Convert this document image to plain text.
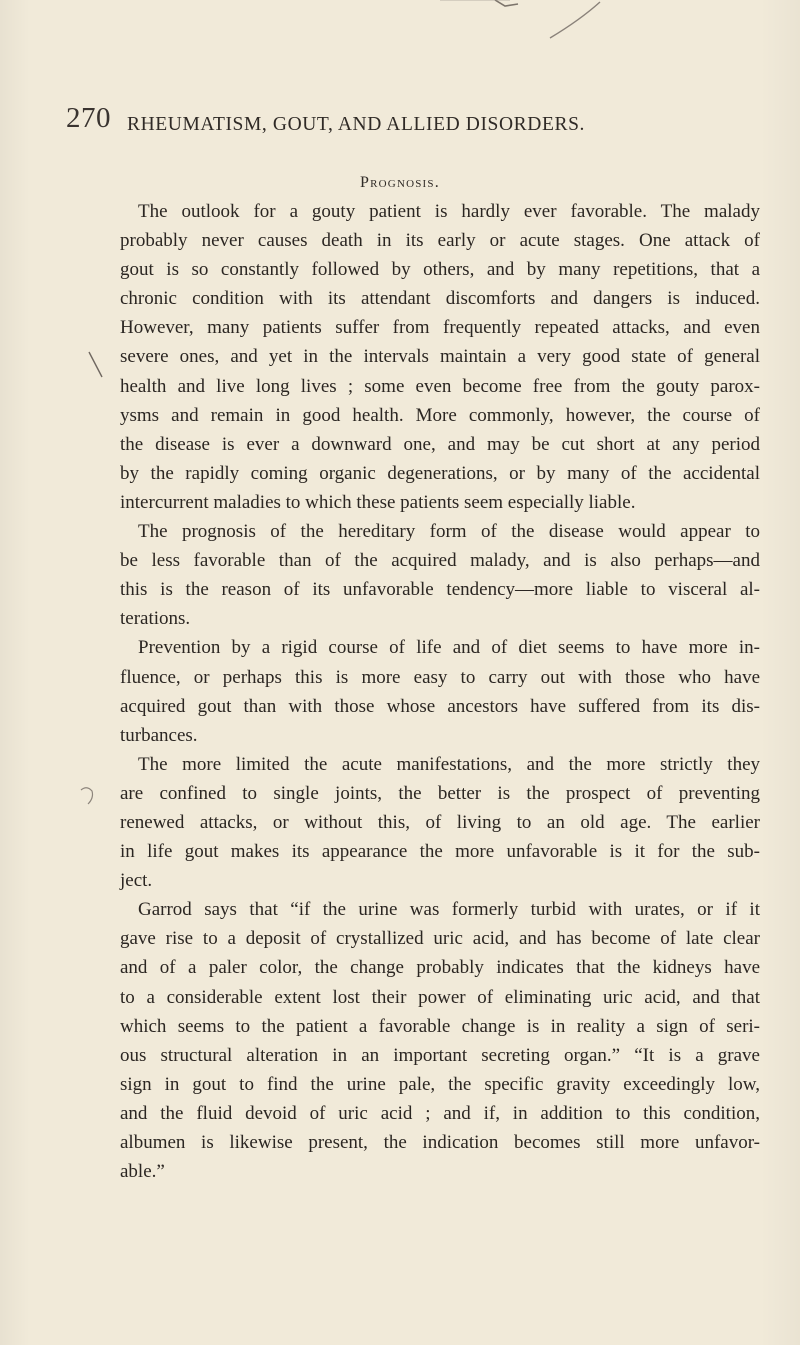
270 RHEUMATISM, GOUT, AND ALLIED DISORDERS.
Prognosis.
The outlook for a gouty patient is hardly ever favorable. The malady
probably never causes death in its early or acute stages. One attack of
gout is so constantly followed by others, and by many repetitions, that a
chronic condition with its attendant discomforts and dangers is induced.
However, many patients suffer from frequently repeated attacks, and even
severe ones, and yet in the intervals maintain a very good state of general
health and live long lives ; some even become free from the gouty parox-
ysms and remain in good health. More commonly, however, the course of
the disease is ever a downward one, and may be cut short at any period
by the rapidly coming organic degenerations, or by many of the accidental
intercurrent maladies to which these patients seem especially liable.
The prognosis of the hereditary form of the disease would appear to
be less favorable than of the acquired malady, and is also perhaps—and
this is the reason of its unfavorable tendency—more liable to visceral al-
terations.
Prevention by a rigid course of life and of diet seems to have more in-
fluence, or perhaps this is more easy to carry out with those who have
acquired gout than with those whose ancestors have suffered from its dis-
turbances.
The more limited the acute manifestations, and the more strictly they
are confined to single joints, the better is the prospect of preventing
renewed attacks, or without this, of living to an old age. The earlier
in life gout makes its appearance the more unfavorable is it for the sub-
ject.
Garrod says that “if the urine was formerly turbid with urates, or if it
gave rise to a deposit of crystallized uric acid, and has become of late clear
and of a paler color, the change probably indicates that the kidneys have
to a considerable extent lost their power of eliminating uric acid, and that
which seems to the patient a favorable change is in reality a sign of seri-
ous structural alteration in an important secreting organ.” “It is a grave
sign in gout to find the urine pale, the specific gravity exceedingly low,
and the fluid devoid of uric acid ; and if, in addition to this condition,
albumen is likewise present, the indication becomes still more unfavor-
able.”
